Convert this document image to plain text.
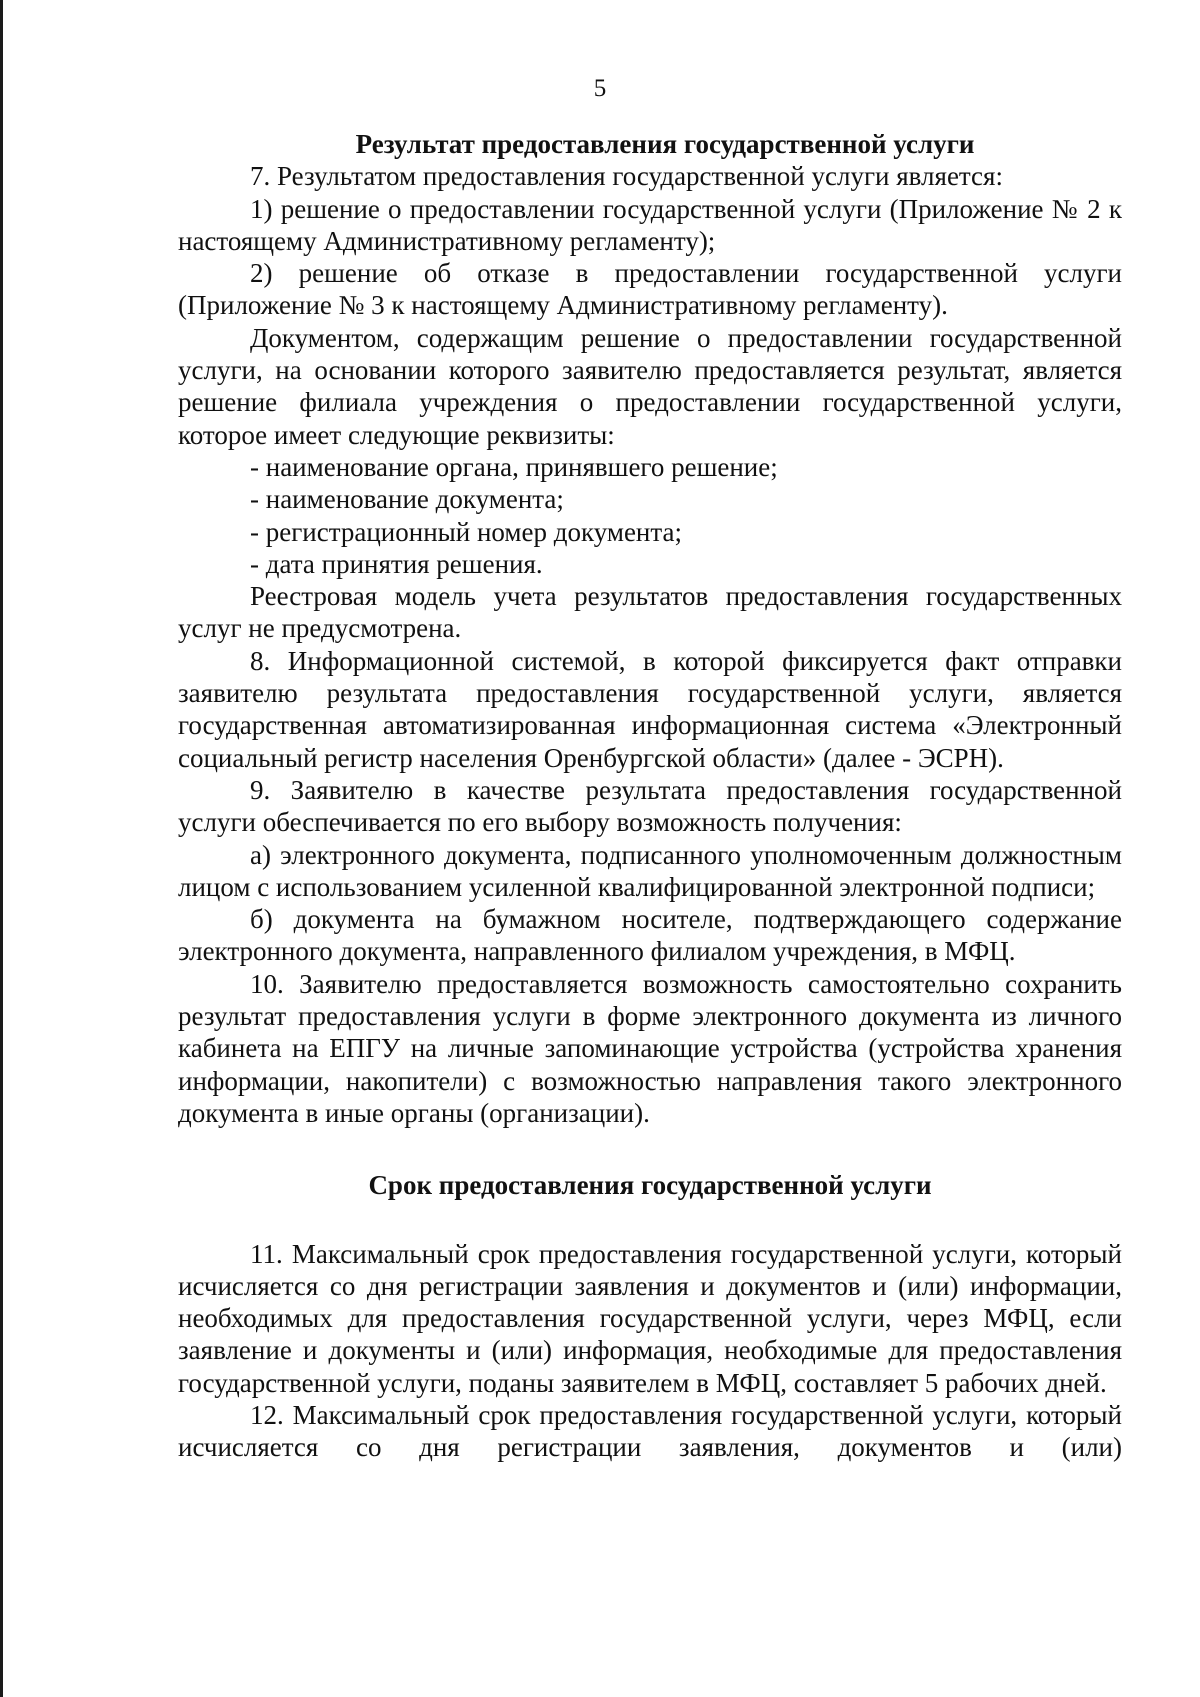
5
Результат предоставления государственной услуги

7. Результатом предоставления государственной услуги является:

1) решение о предоставлении государственной услуги (Приложение № 2 к настоящему Административному регламенту);

2) решение об отказе в предоставлении государственной услуги (Приложение № 3 к настоящему Административному регламенту).

Документом, содержащим решение о предоставлении государственной услуги, на основании которого заявителю предоставляется результат, является решение филиала учреждения о предоставлении государственной услуги, которое имеет следующие реквизиты:

- наименование органа, принявшего решение;

- наименование документа;

- регистрационный номер документа;

- дата принятия решения.

Реестровая модель учета результатов предоставления государственных услуг не предусмотрена.

8. Информационной системой, в которой фиксируется факт отправки заявителю результата предоставления государственной услуги, является государственная автоматизированная информационная система «Электронный социальный регистр населения Оренбургской области» (далее - ЭСРН).

9. Заявителю в качестве результата предоставления государственной услуги обеспечивается по его выбору возможность получения:

а) электронного документа, подписанного уполномоченным должностным лицом с использованием усиленной квалифицированной электронной подписи;

б) документа на бумажном носителе, подтверждающего содержание электронного документа, направленного филиалом учреждения, в МФЦ.

10. Заявителю предоставляется возможность самостоятельно сохранить результат предоставления услуги в форме электронного документа из личного кабинета на ЕПГУ на личные запоминающие устройства (устройства хранения информации, накопители) с возможностью направления такого электронного документа в иные органы (организации).

Срок предоставления государственной услуги

11. Максимальный срок предоставления государственной услуги, который исчисляется со дня регистрации заявления и документов и (или) информации, необходимых для предоставления государственной услуги, через МФЦ, если заявление и документы и (или) информация, необходимые для предоставления государственной услуги, поданы заявителем в МФЦ, составляет 5 рабочих дней.

12. Максимальный срок предоставления государственной услуги, который исчисляется со дня регистрации заявления, документов и (или)
